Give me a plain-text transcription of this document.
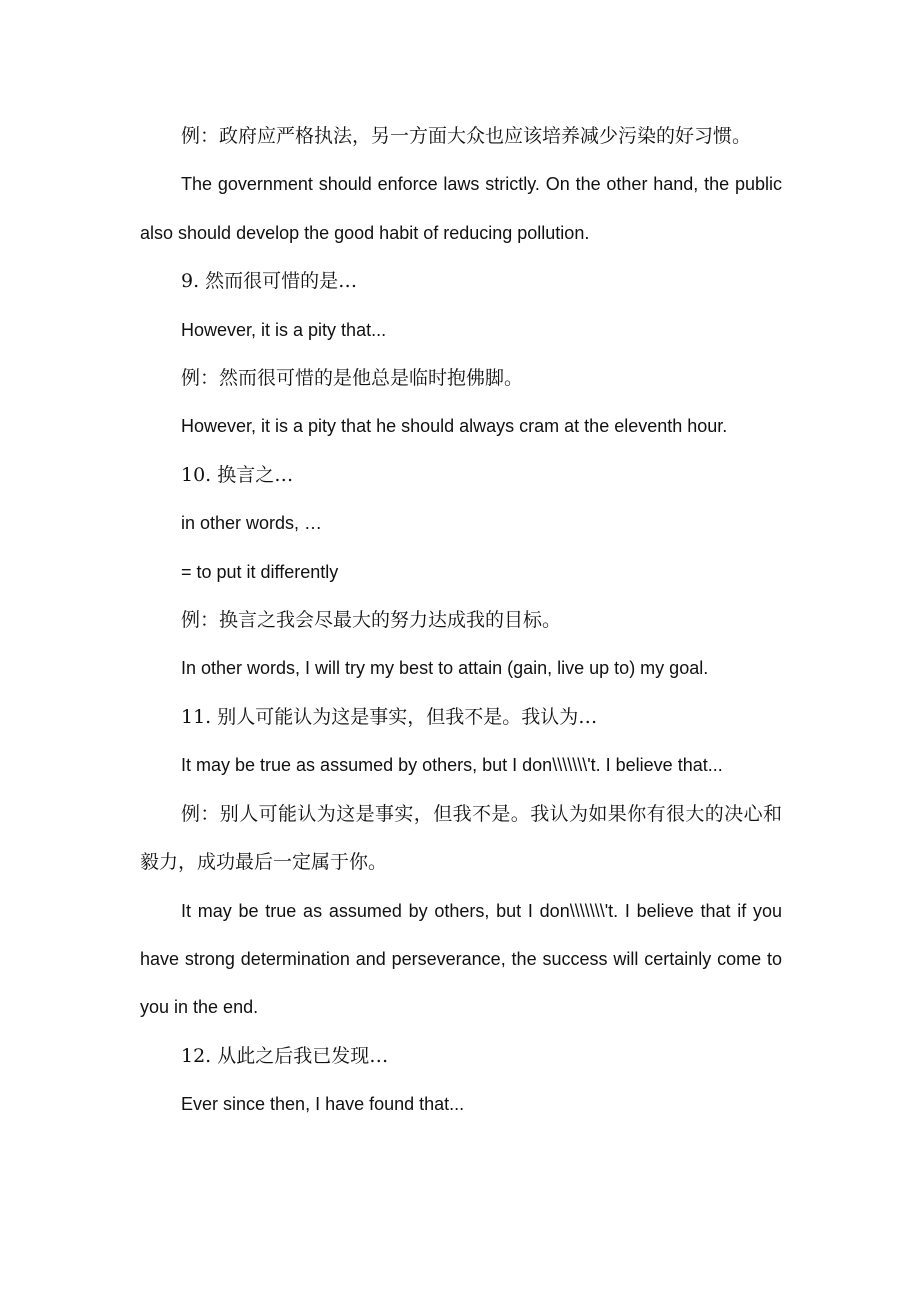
例：政府应严格执法，另一方面大众也应该培养减少污染的好习惯。

The government should enforce laws strictly. On the other hand, the public also should develop the good habit of reducing pollution.

9. 然而很可惜的是…

However, it is a pity that...

例：然而很可惜的是他总是临时抱佛脚。

However, it is a pity that he should always cram at the eleventh hour.

10. 换言之…

in other words, …

= to put it differently

例：换言之我会尽最大的努力达成我的目标。

In other words, I will try my best to attain (gain, live up to) my goal.

11. 别人可能认为这是事实，但我不是。我认为…

It may be true as assumed by others, but I don\\\\\\\'t. I believe that...

例：别人可能认为这是事实，但我不是。我认为如果你有很大的决心和毅力，成功最后一定属于你。

It may be true as assumed by others, but I don\\\\\\\'t. I believe that if you have strong determination and perseverance, the success will certainly come to you in the end.

12. 从此之后我已发现…

Ever since then, I have found that...
